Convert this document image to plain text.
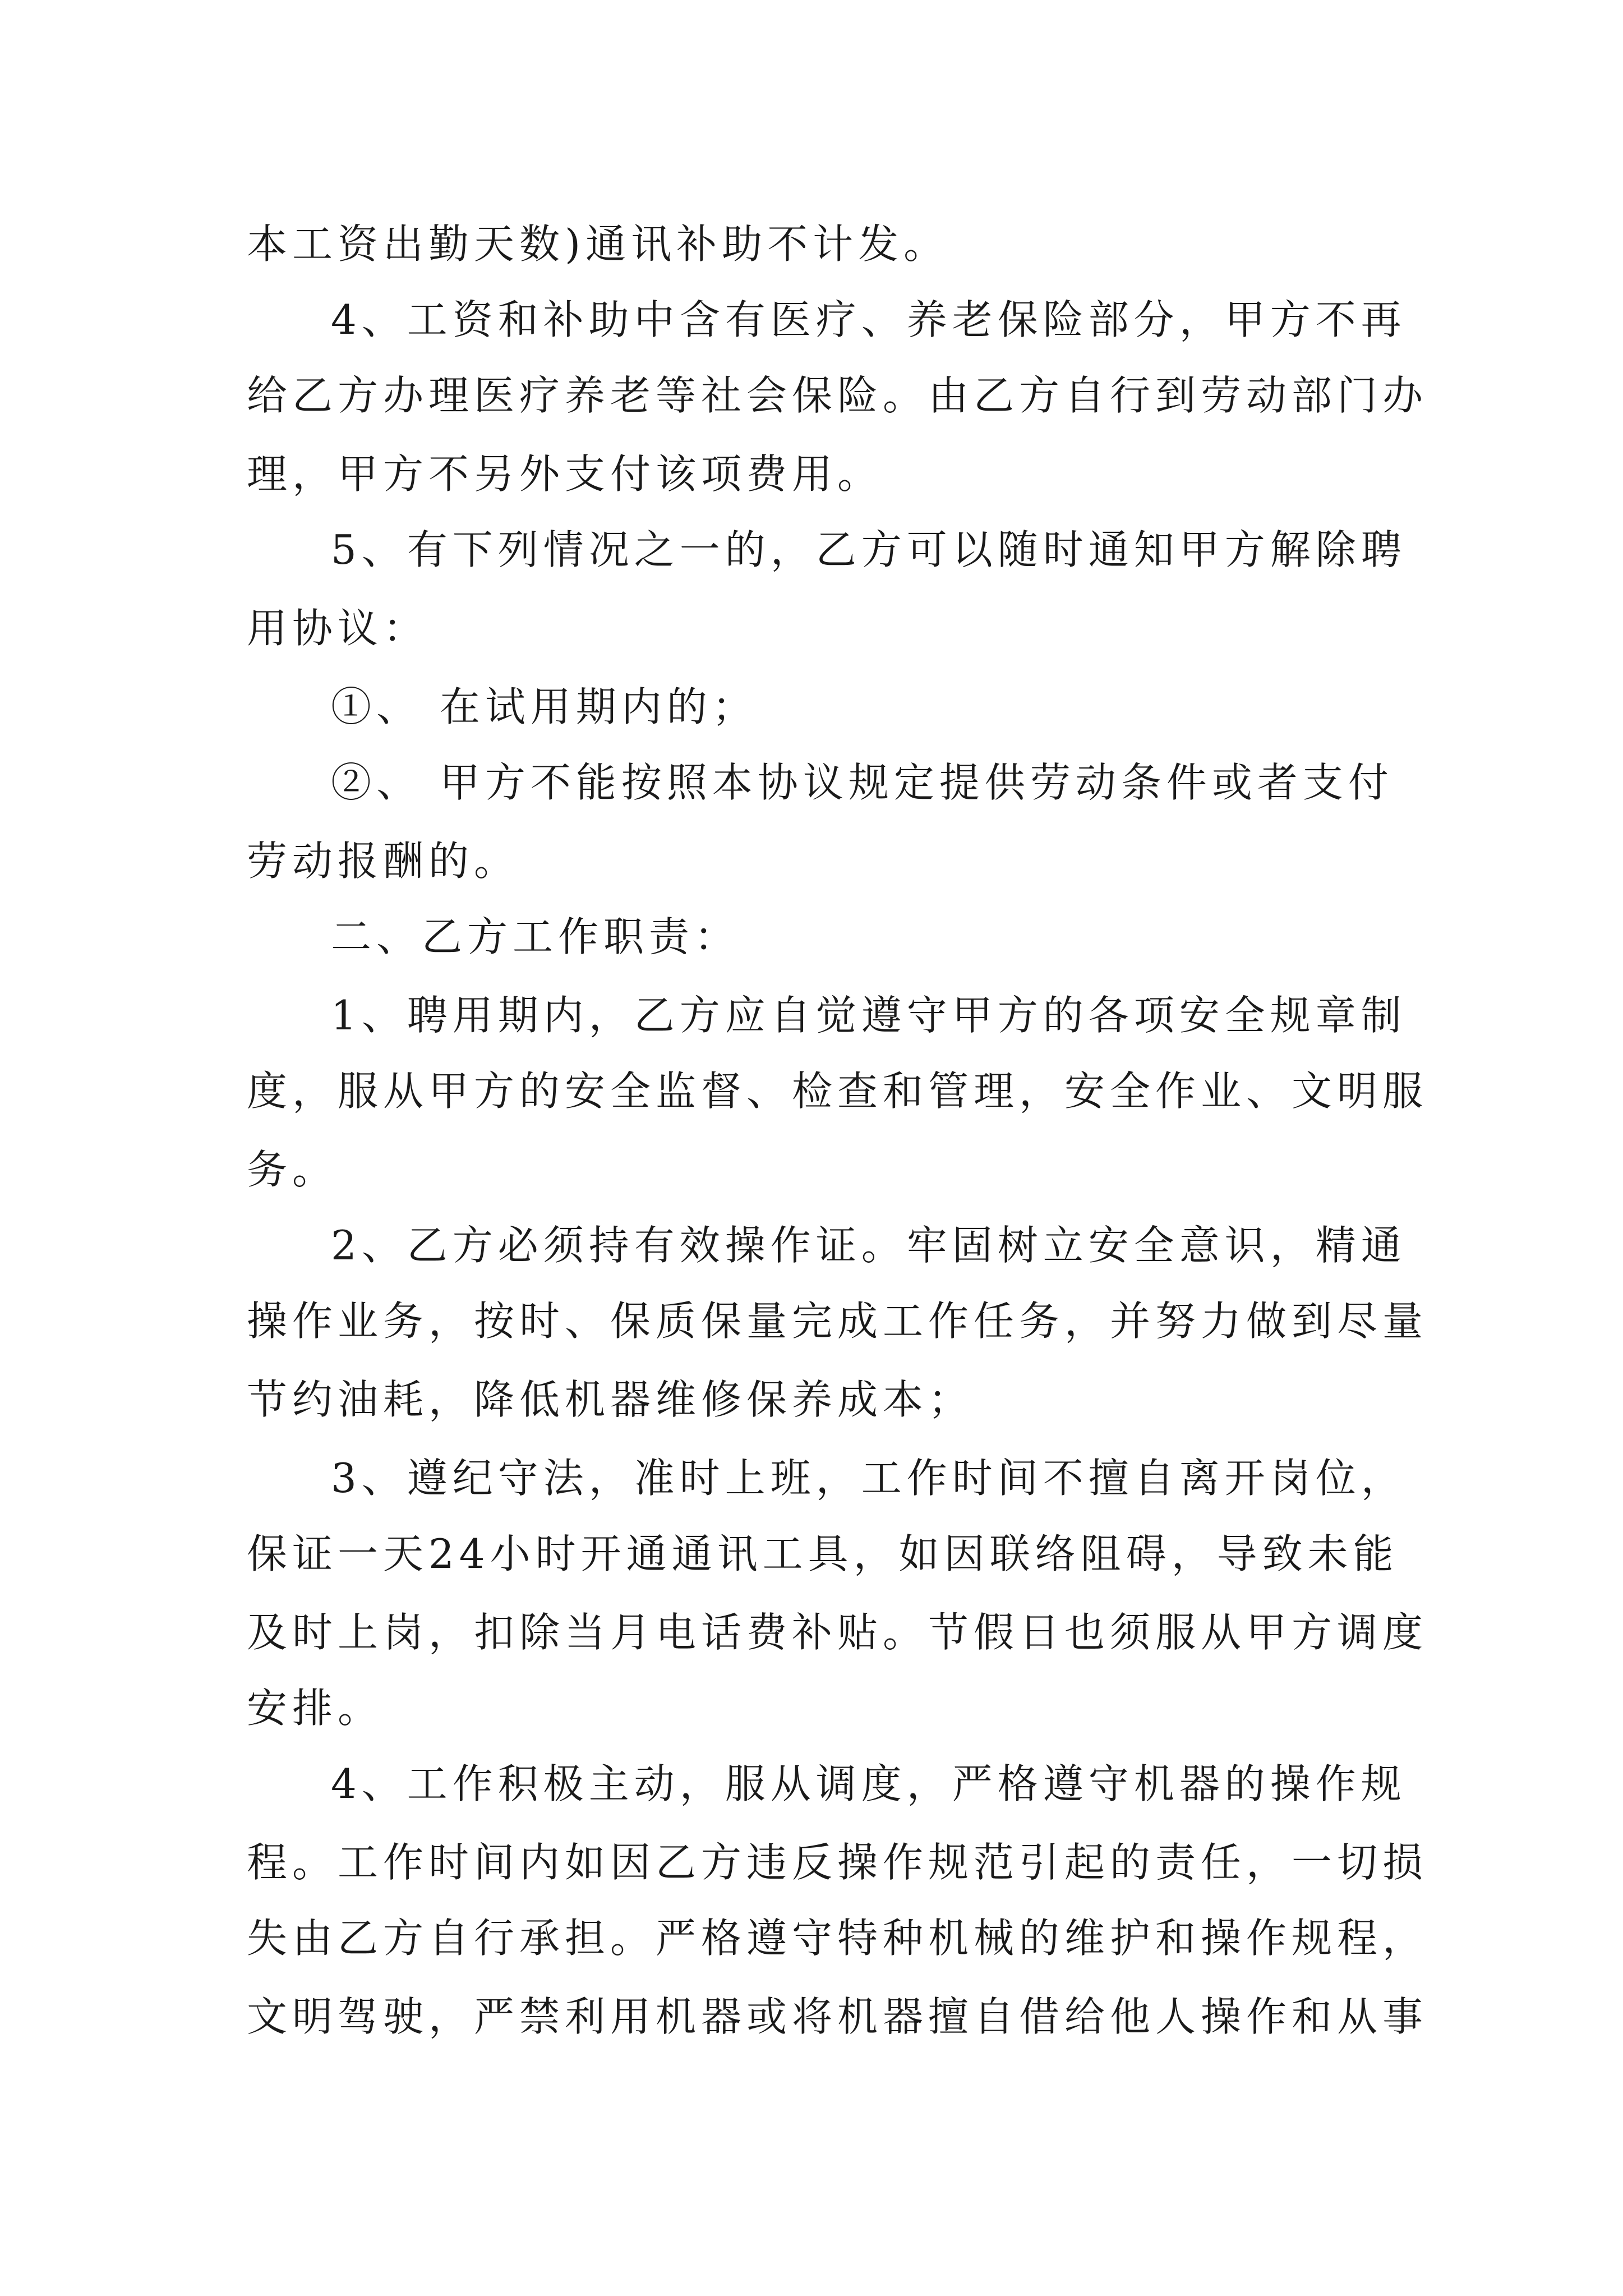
本工资出勤天数)通讯补助不计发。
4、工资和补助中含有医疗、养老保险部分，甲方不再
给乙方办理医疗养老等社会保险。由乙方自行到劳动部门办
理，甲方不另外支付该项费用。
5、有下列情况之一的，乙方可以随时通知甲方解除聘
用协议：
①、 在试用期内的；
②、 甲方不能按照本协议规定提供劳动条件或者支付
劳动报酬的。
二、乙方工作职责：
1、聘用期内，乙方应自觉遵守甲方的各项安全规章制
度，服从甲方的安全监督、检查和管理，安全作业、文明服
务。
2、乙方必须持有效操作证。牢固树立安全意识，精通
操作业务，按时、保质保量完成工作任务，并努力做到尽量
节约油耗，降低机器维修保养成本；
3、遵纪守法，准时上班，工作时间不擅自离开岗位，
保证一天24小时开通通讯工具，如因联络阻碍，导致未能
及时上岗，扣除当月电话费补贴。节假日也须服从甲方调度
安排。
4、工作积极主动，服从调度，严格遵守机器的操作规
程。工作时间内如因乙方违反操作规范引起的责任，一切损
失由乙方自行承担。严格遵守特种机械的维护和操作规程，
文明驾驶，严禁利用机器或将机器擅自借给他人操作和从事
